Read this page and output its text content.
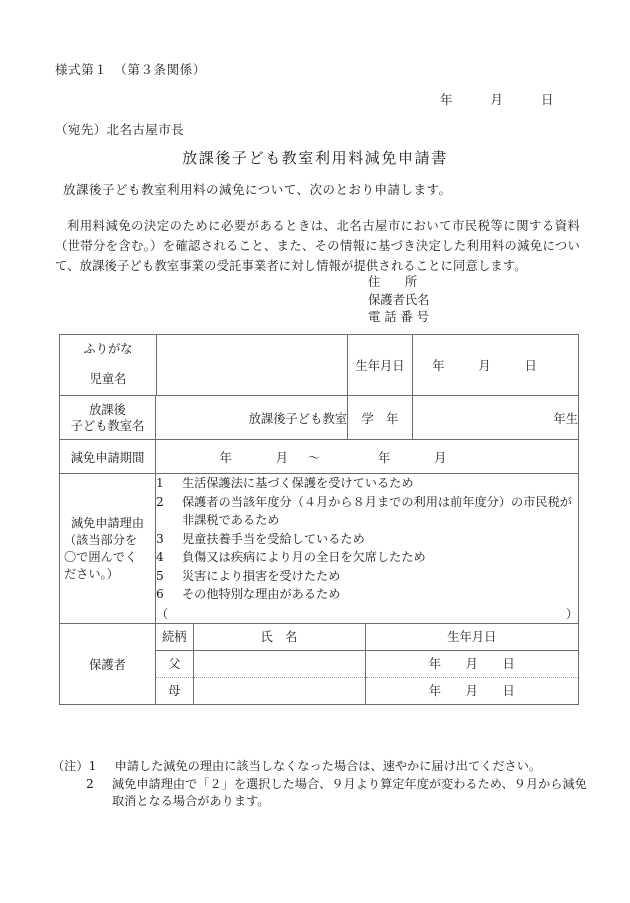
様式第１　（第３条関係）
年	月	日
（宛先）北名古屋市長
放課後子ども教室利用料減免申請書
放課後子ども教室利用料の減免について、次のとおり申請します。
利用料減免の決定のために必要があるときは、北名古屋市において市民税等に関する資料（世帯分を含む。）を確認されること、また、その情報に基づき決定した利用料の減免について、放課後子ども教室事業の受託事業者に対し情報が提供されることに同意します。
住　　所
保護者氏名
電 話 番 号
ふりがな	
児童名	
	生年月日	年	月	日

放課後
子ども教室名	放課後子ども教室	学　年	年生
減免申請期間	年	月 〜	年	月

減免申請理由
（該当部分を
〇で囲んでく
ださい。）

1	生活保護法に基づく保護を受けているため
2	保護者の当該年度分（４月から８月までの利用は前年度分）の市民税が非課税であるため
3	児童扶養手当を受給しているため
4	負傷又は疾病により月の全日を欠席したため
5	災害により損害を受けたため
6	その他特別な理由があるため
（	）

保護者	
続柄	氏　名	生年月日
父		年　　月　　日
母		年　　月　　日
（注） 1	申請した減免の理由に該当しなくなった場合は、速やかに届け出てください。
2	減免申請理由で「２」を選択した場合、９月より算定年度が変わるため、９月から減免取消となる場合があります。
